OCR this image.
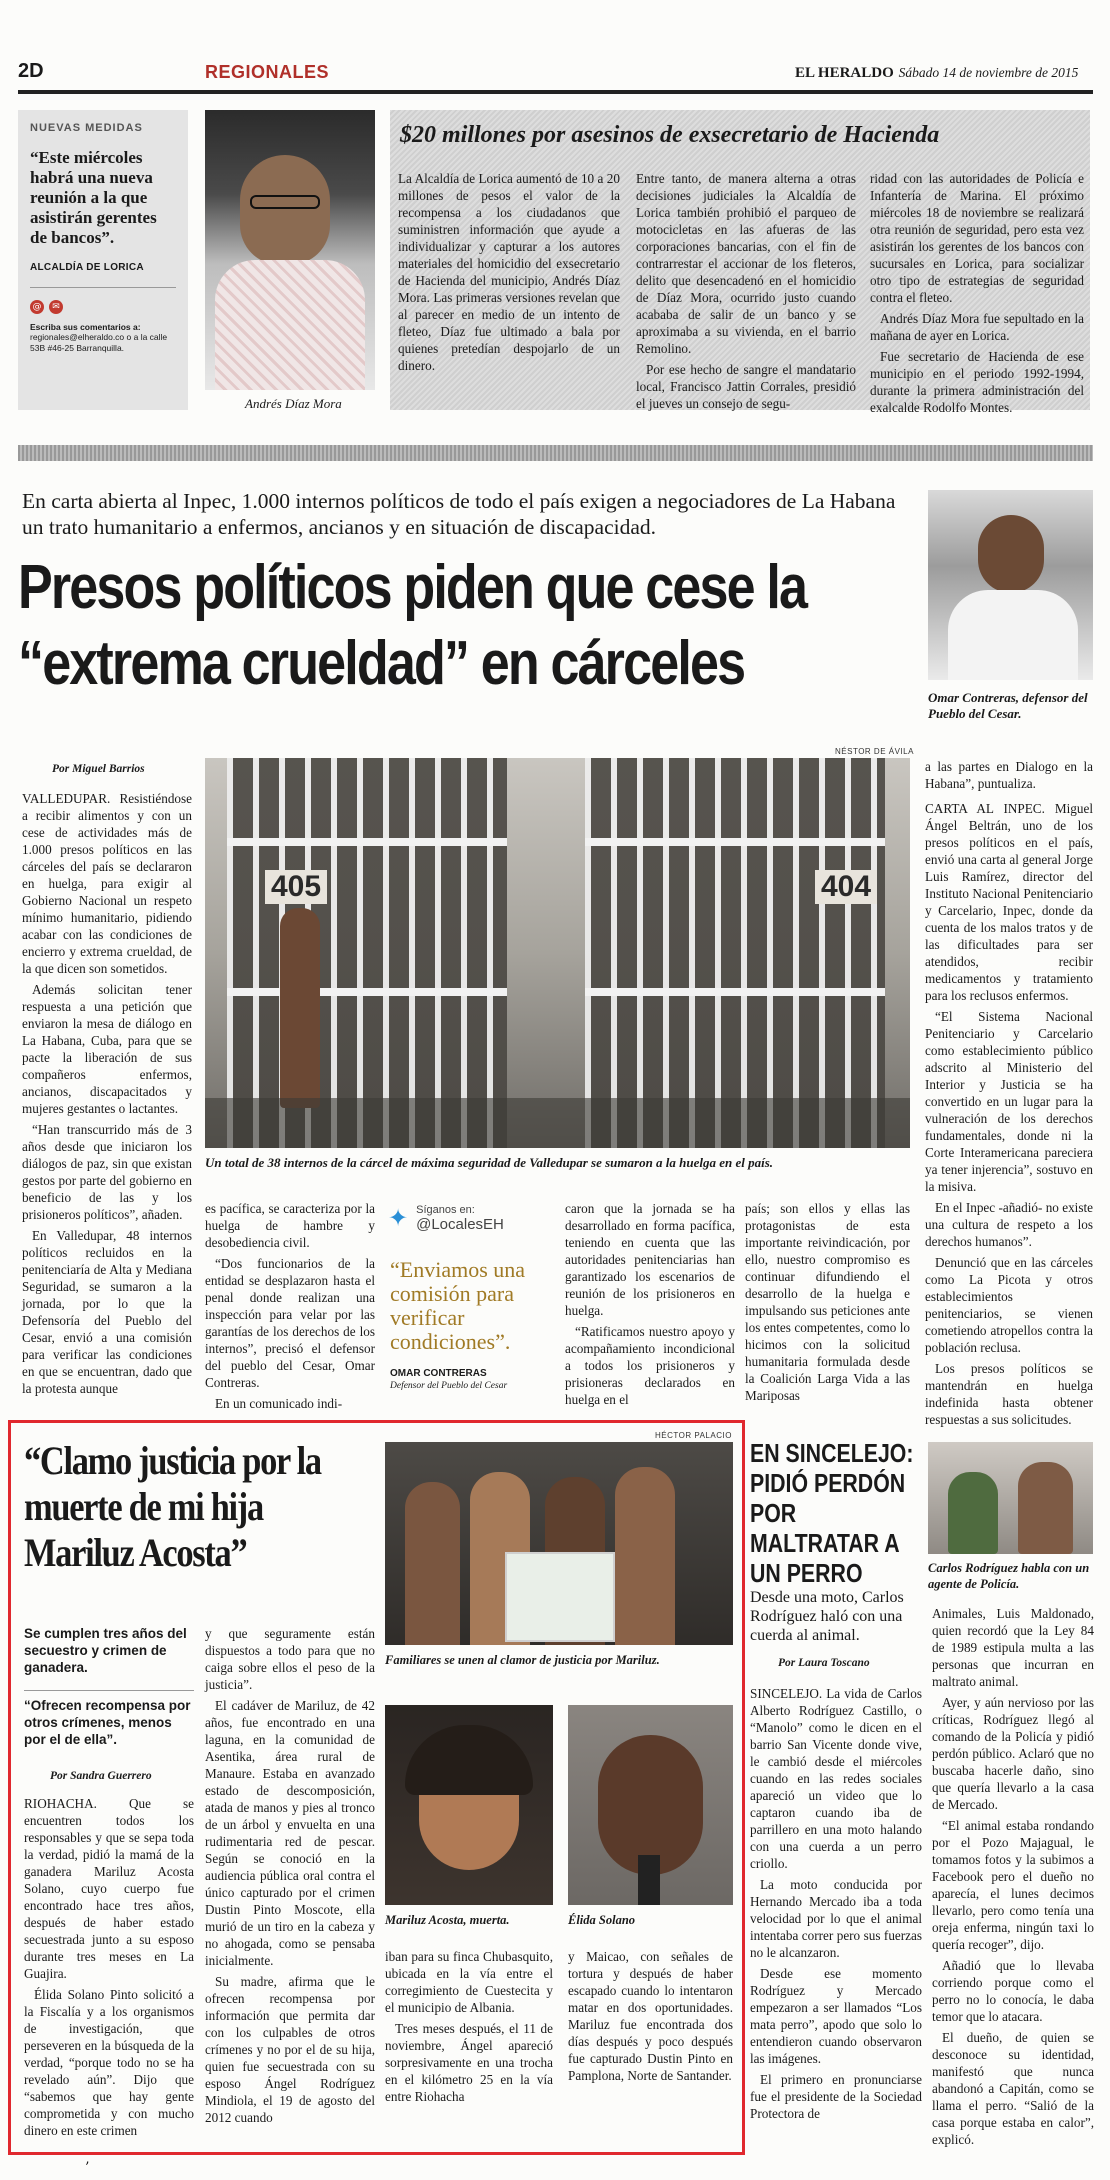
2D	REGIONALES	EL HERALDO Sábado 14 de noviembre de 2015
NUEVAS MEDIDAS
“Este miércoles habrá una nueva reunión a la que asistirán gerentes de bancos”.
ALCALDÍA DE LORICA
@	✉
Escriba sus comentarios a:
regionales@elheraldo.co o a la calle 53B #46-25 Barranquilla.
Andrés Díaz Mora
$20 millones por asesinos de exsecretario de Hacienda

La Alcaldía de Lorica aumentó de 10 a 20 millones de pesos el valor de la recompensa a los ciudadanos que suministren información que ayude a individualizar y capturar a los autores materiales del homicidio del exsecretario de Hacienda del municipio, Andrés Díaz Mora. Las primeras versiones revelan que al parecer en medio de un intento de fleteo, Díaz fue ultimado a bala por quienes pretedían despojarlo de un dinero.

Entre tanto, de manera alterna a otras decisiones judiciales la Alcaldía de Lorica también prohibió el parqueo de motocicletas en las afueras de las corporaciones bancarias, con el fin de contrarrestar el accionar de los fleteros, delito que desencadenó en el homicidio de Díaz Mora, ocurrido justo cuando acababa de salir de un banco y se aproximaba a su vivienda, en el barrio Remolino.

Por ese hecho de sangre el mandatario local, Francisco Jattin Corrales, presidió el jueves un consejo de segu-

ridad con las autoridades de Policía e Infantería de Marina. El próximo miércoles 18 de noviembre se realizará otra reunión de seguridad, pero esta vez asistirán los gerentes de los bancos con sucursales en Lorica, para socializar otro tipo de estrategias de seguridad contra el fleteo.

Andrés Díaz Mora fue sepultado en la mañana de ayer en Lorica.

Fue secretario de Hacienda de ese municipio en el periodo 1992-1994, durante la primera administración del exalcalde Rodolfo Montes.

En carta abierta al Inpec, 1.000 internos políticos de todo el país exigen a negociadores de La Habana un trato humanitario a enfermos, ancianos y en situación de discapacidad.
Presos políticos piden que cese la
“extrema crueldad” en cárceles	Omar Contreras, defensor del Pueblo del Cesar.
Por Miguel Barrios
NÉSTOR DE ÁVILA
405	404
Un total de 38 internos de la cárcel de máxima seguridad de Valledupar se sumaron a la huelga en el país.

VALLEDUPAR. Resistiéndose a recibir alimentos y con un cese de actividades más de 1.000 presos políticos en las cárceles del país se declararon en huelga, para exigir al Gobierno Nacional un respeto mínimo humanitario, pidiendo acabar con las condiciones de encierro y extrema crueldad, de la que dicen son sometidos.

Además solicitan tener respuesta a una petición que enviaron la mesa de diálogo en La Habana, Cuba, para que se pacte la liberación de sus compañeros enfermos, ancianos, discapacitados y mujeres gestantes o lactantes.

“Han transcurrido más de 3 años desde que iniciaron los diálogos de paz, sin que existan gestos por parte del gobierno en beneficio de las y los prisioneros políticos”, añaden.

En Valledupar, 48 internos políticos recluidos en la penitenciaría de Alta y Mediana Seguridad, se sumaron a la jornada, por lo que la Defensoría del Pueblo del Cesar, envió a una comisión para verificar las condiciones en que se encuentran, dado que la protesta aunque

es pacífica, se caracteriza por la huelga de hambre y desobediencia civil.

“Dos funcionarios de la entidad se desplazaron hasta el penal donde realizan una inspección para velar por las garantías de los derechos de los internos”, precisó el defensor del pueblo del Cesar, Omar Contreras.

En un comunicado indi-

✦ Síganos en:
@LocalesEH
“Enviamos una comisión para verificar condiciones”.
OMAR CONTRERAS
Defensor del Pueblo del Cesar

caron que la jornada se ha desarrollado en forma pacífica, teniendo en cuenta que las autoridades penitenciarias han garantizado los escenarios de reunión de los prisioneros en huelga.

“Ratificamos nuestro apoyo y acompañamiento incondicional a todos los prisioneros y prisioneras declarados en huelga en el

país; son ellos y ellas las protagonistas de esta importante reivindicación, por ello, nuestro compromiso es continuar difundiendo el desarrollo de la huelga e impulsando sus peticiones ante los entes competentes, como lo hicimos con la solicitud humanitaria formulada desde la Coalición Larga Vida a las Mariposas

a las partes en Dialogo en la Habana”, puntualiza.

CARTA AL INPEC. Miguel Ángel Beltrán, uno de los presos políticos en el país, envió una carta al general Jorge Luis Ramírez, director del Instituto Nacional Penitenciario y Carcelario, Inpec, donde da cuenta de los malos tratos y de las dificultades para ser atendidos, recibir medicamentos y tratamiento para los reclusos enfermos.

“El Sistema Nacional Penitenciario y Carcelario como establecimiento público adscrito al Ministerio del Interior y Justicia se ha convertido en un lugar para la vulneración de los derechos fundamentales, donde ni la Corte Interamericana pareciera ya tener injerencia”, sostuvo en la misiva.

En el Inpec -añadió- no existe una cultura de respeto a los derechos humanos”.

Denunció que en las cárceles como La Picota y otros establecimientos penitenciarios, se vienen cometiendo atropellos contra la población reclusa.

Los presos políticos se mantendrán en huelga indefinida hasta obtener respuestas a sus solicitudes.

“Clamo justicia por la muerte de mi hija Mariluz Acosta”
Se cumplen tres años del secuestro y crimen de ganadera.
“Ofrecen recompensa por otros crímenes, menos por el de ella”.
Por Sandra Guerrero
HÉCTOR PALACIO
Familiares se unen al clamor de justicia por Mariluz.
Mariluz Acosta, muerta.	Élida Solano

RIOHACHA. Que se encuentren todos los responsables y que se sepa toda la verdad, pidió la mamá de la ganadera Mariluz Acosta Solano, cuyo cuerpo fue encontrado hace tres años, después de haber estado secuestrada junto a su esposo durante tres meses en La Guajira.

Élida Solano Pinto solicitó a la Fiscalía y a los organismos de investigación, que perseveren en la búsqueda de la verdad, “porque todo no se ha revelado aún”. Dijo que “sabemos que hay gente comprometida y con mucho dinero en este crimen

y que seguramente están dispuestos a todo para que no caiga sobre ellos el peso de la justicia”.

El cadáver de Mariluz, de 42 años, fue encontrado en una laguna, en la comunidad de Asentika, área rural de Manaure. Estaba en avanzado estado de descomposición, atada de manos y pies al tronco de un árbol y envuelta en una rudimentaria red de pescar. Según se conoció en la audiencia pública oral contra el único capturado por el crimen Dustin Pinto Moscote, ella murió de un tiro en la cabeza y no ahogada, como se pensaba inicialmente.

Su madre, afirma que le ofrecen recompensa por información que permita dar con los culpables de otros crímenes y no por el de su hija, quien fue secuestrada con su esposo Ángel Rodríguez Mindiola, el 19 de agosto del 2012 cuando

iban para su finca Chubasquito, ubicada en la vía entre el corregimiento de Cuestecita y el municipio de Albania.

Tres meses después, el 11 de noviembre, Ángel apareció sorpresivamente en una trocha en el kilómetro 25 en la vía entre Riohacha

y Maicao, con señales de tortura y después de haber escapado cuando lo intentaron matar en dos oportunidades. Mariluz fue encontrada dos días después y poco después fue capturado Dustin Pinto en Pamplona, Norte de Santander.

EN SINCELEJO: PIDIÓ PERDÓN POR MALTRATAR A UN PERRO
Desde una moto, Carlos Rodríguez haló con una cuerda al animal.
Por Laura Toscano
Carlos Rodríguez habla con un agente de Policía.

SINCELEJO. La vida de Carlos Alberto Rodríguez Castillo, o “Manolo” como le dicen en el barrio San Vicente donde vive, le cambió desde el miércoles cuando en las redes sociales apareció un video que lo captaron cuando iba de parrillero en una moto halando con una cuerda a un perro criollo.

La moto conducida por Hernando Mercado iba a toda velocidad por lo que el animal intentaba correr pero sus fuerzas no le alcanzaron.

Desde ese momento Rodríguez y Mercado empezaron a ser llamados “Los mata perro”, apodo que solo lo entendieron cuando observaron las imágenes.

El primero en pronunciarse fue el presidente de la Sociedad Protectora de

Animales, Luis Maldonado, quien recordó que la Ley 84 de 1989 estipula multa a las personas que incurran en maltrato animal.

Ayer, y aún nervioso por las críticas, Rodríguez llegó al comando de la Policía y pidió perdón público. Aclaró que no buscaba hacerle daño, sino que quería llevarlo a la casa de Mercado.

“El animal estaba rondando por el Pozo Majagual, le tomamos fotos y la subimos a Facebook pero el dueño no aparecía, el lunes decimos llevarlo, pero como tenía una oreja enferma, ningún taxi lo quería recoger”, dijo.

Añadió que lo llevaba corriendo porque como el perro no lo conocía, le daba temor que lo atacara.

El dueño, de quien se desconoce su identidad, manifestó que nunca abandonó a Capitán, como se llama el perro. “Salió de la casa porque estaba en calor”, explicó.

’
